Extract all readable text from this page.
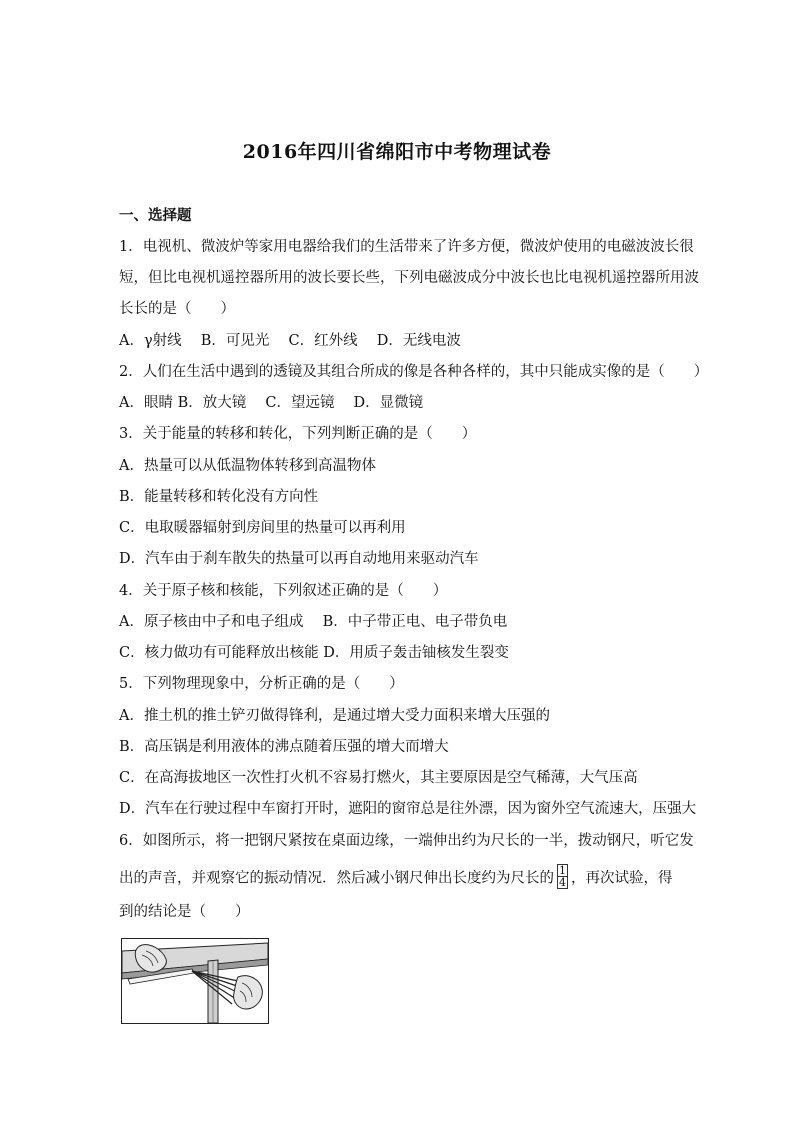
2016年四川省绵阳市中考物理试卷
一、选择题
1．电视机、微波炉等家用电器给我们的生活带来了许多方便，微波炉使用的电磁波波长很
短，但比电视机遥控器所用的波长要长些，下列电磁波成分中波长也比电视机遥控器所用波
长长的是（　　）
A．γ射线　 B．可见光　 C．红外线　 D．无线电波
2．人们在生活中遇到的透镜及其组合所成的像是各种各样的，其中只能成实像的是（　　）
A．眼睛 B．放大镜　 C．望远镜　 D．显微镜
3．关于能量的转移和转化，下列判断正确的是（　　）
A．热量可以从低温物体转移到高温物体
B．能量转移和转化没有方向性
C．电取暖器辐射到房间里的热量可以再利用
D．汽车由于刹车散失的热量可以再自动地用来驱动汽车
4．关于原子核和核能，下列叙述正确的是（　　）
A．原子核由中子和电子组成　 B．中子带正电、电子带负电
C．核力做功有可能释放出核能 D．用质子轰击铀核发生裂变
5．下列物理现象中，分析正确的是（　　）
A．推土机的推土铲刃做得锋利，是通过增大受力面积来增大压强的
B．高压锅是利用液体的沸点随着压强的增大而增大
C．在高海拔地区一次性打火机不容易打燃火，其主要原因是空气稀薄，大气压高
D．汽车在行驶过程中车窗打开时，遮阳的窗帘总是往外漂，因为窗外空气流速大，压强大
6．如图所示，将一把钢尺紧按在桌面边缘，一端伸出约为尺长的一半，拨动钢尺，听它发
出的声音，并观察它的振动情况．然后减小钢尺伸出长度约为尺长的 $\frac{1}{4}$ ，再次试验，得
到的结论是（　　）
